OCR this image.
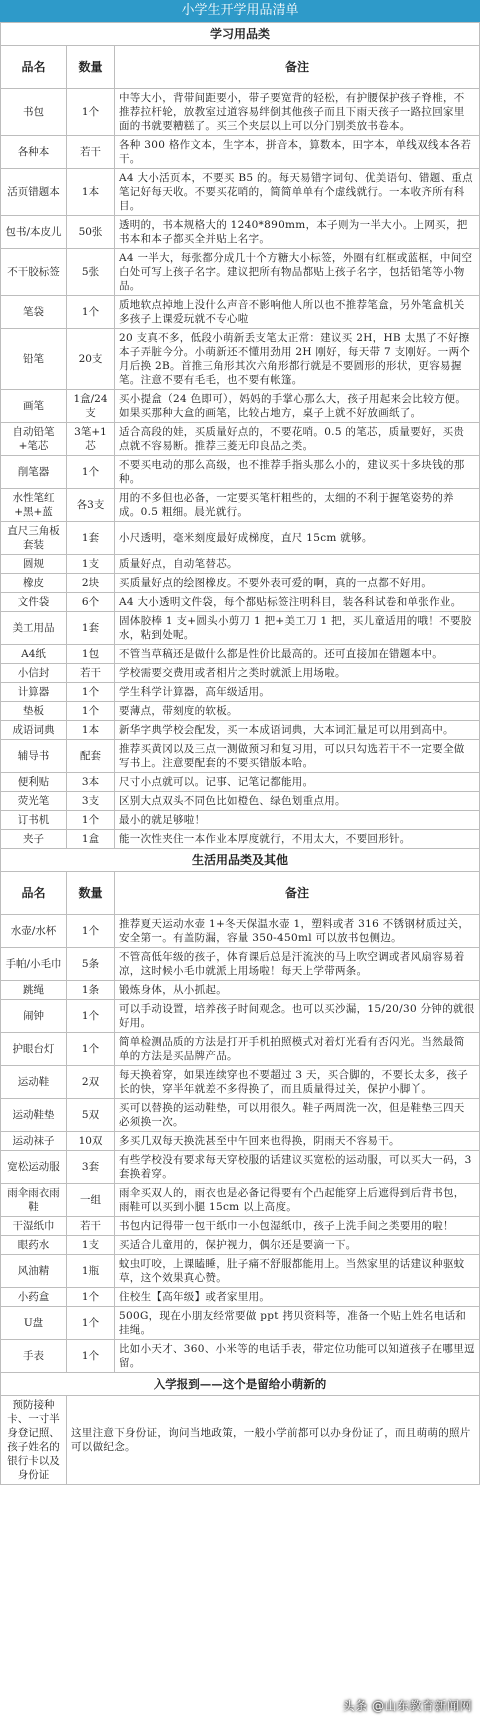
小学生开学用品清单
学习用品类		
品名	数量	备注
书包	1个	中等大小，背带间距要小，带子要宽背的轻松，有护腰保护孩子脊椎，不推荐拉杆轮，放教室过道容易绊倒其他孩子而且下雨天孩子一路拉回家里面的书就要糟糕了。买三个夹层以上可以分门别类放书卷本。
各种本	若干	各种 300 格作文本，生字本，拼音本，算数本，田字本，单线双线本各若干。
活页错题本	1本	A4 大小活页本，不要买 B5 的。每天易错字词句、优美语句、错题、重点笔记好每天收。不要买花哨的，简简单单有个虚线就行。一本收齐所有科目。
包书/本皮儿	50张	透明的，书本规格大的 1240*890mm，本子则为一半大小。上网买，把书本和本子都买全并贴上名字。
不干胶标签	5张	A4 一半大，每张都分成几十个方糖大小标签，外圈有红框或蓝框，中间空白处可写上孩子名字。建议把所有物品都贴上孩子名字，包括铅笔等小物品。
笔袋	1个	质地软点掉地上没什么声音不影响他人所以也不推荐笔盒，另外笔盒机关多孩子上课爱玩就不专心啦
铅笔	20支	20 支真不多，低段小萌新丢支笔太正常：建议买 2H，HB 太黑了不好擦本子弄脏今分。小萌新还不懂用劲用 2H 刚好，每天带 7 支刚好。一两个月后换 2B。首推三角形其次六角形都行就是不要圆形的形状，更容易握笔。注意不要有毛毛，也不要有帐篷。
画笔	1盒/24支	买小提盒（24 色即可），妈妈的手掌心那么大，孩子用起来会比较方便。如果买那种大盒的画笔，比较占地方，桌子上就不好放画纸了。
自动铅笔+笔芯	3笔+1芯	适合高段的娃，买质量好点的，不要花哨。0.5 的笔芯，质量要好，买贵点就不容易断。推荐三菱无印良品之类。
削笔器	1个	不要买电动的那么高级，也不推荐手指头那么小的，建议买十多块钱的那种。
水性笔红+黑+蓝	各3支	用的不多但也必备，一定要买笔杆粗些的，太细的不利于握笔姿势的养成。0.5 粗细。晨光就行。
直尺三角板套装	1套	小尺透明，毫米刻度最好成梯度，直尺 15cm 就够。
圆规	1支	质量好点，自动笔替芯。
橡皮	2块	买质量好点的绘图橡皮。不要外表可爱的啊，真的一点都不好用。
文件袋	6个	A4 大小透明文件袋，每个都贴标签注明科目，装各科试卷和单张作业。
美工用品	1套	固体胶棒 1 支+圆头小剪刀 1 把+美工刀 1 把，买儿童适用的哦！不要胶水，粘到处呢。
A4纸	1包	不管当草稿还是做什么都是性价比最高的。还可直接加在错题本中。
小信封	若干	学校需要交费用或者相片之类时就派上用场啦。
计算器	1个	学生科学计算器，高年级适用。
垫板	1个	要薄点，带刻度的软板。
成语词典	1本	新华字典学校会配发，买一本成语词典，大本词汇量足可以用到高中。
辅导书	配套	推荐买黄冈以及三点一测做预习和复习用，可以只勾选若干不一定要全做写书上。注意要配套的不要买错版本哈。
便利贴	3本	尺寸小点就可以。记事、记笔记都能用。
荧光笔	3支	区别大点双头不同色比如橙色、绿色划重点用。
订书机	1个	最小的就足够啦！
夹子	1盒	能一次性夹住一本作业本厚度就行，不用太大，不要回形针。
生活用品类及其他		
品名	数量	备注
水壶/水杯	1个	推荐夏天运动水壶 1+冬天保温水壶 1，塑料或者 316 不锈钢材质过关，安全第一。有盖防漏，容量 350-450ml 可以放书包侧边。
手帕/小毛巾	5条	不管高低年级的孩子，体育课后总是汗流浃的马上吹空调或者风扇容易着凉，这时候小毛巾就派上用场啦！每天上学带两条。
跳绳	1条	锻炼身体，从小抓起。
闹钟	1个	可以手动设置，培养孩子时间观念。也可以买沙漏，15/20/30 分钟的就很好用。
护眼台灯	1个	简单检测品质的方法是打开手机拍照模式对着灯光看有否闪光。当然最简单的方法是买品牌产品。
运动鞋	2双	每天换着穿，如果连续穿也不要超过 3 天，买合脚的，不要长太多，孩子长的快，穿半年就差不多得换了，而且质量得过关，保护小脚丫。
运动鞋垫	5双	买可以替换的运动鞋垫，可以用很久。鞋子两周洗一次，但是鞋垫三四天必须换一次。
运动袜子	10双	多买几双每天换洗甚至中午回来也得换，阴雨天不容易干。
宽松运动服	3套	有些学校没有要求每天穿校服的话建议买宽松的运动服，可以买大一码，3 套换着穿。
雨伞雨衣雨鞋	一组	雨伞买双人的，雨衣也是必备记得要有个凸起能穿上后遮得到后背书包，雨鞋可以买到小腿 15cm 以上高度。
干湿纸巾	若干	书包内记得带一包干纸巾一小包湿纸巾，孩子上洗手间之类要用的啦！
眼药水	1支	买适合儿童用的，保护视力，偶尔还是要滴一下。
风油精	1瓶	蚊虫叮咬，上课瞌睡，肚子痛不舒服都能用上。当然家里的话建议种驱蚊草，这个效果真心赞。
小药盒	1个	住校生【高年级】或者家里用。
U盘	1个	500G，现在小朋友经常要做 ppt 拷贝资料等，准备一个贴上姓名电话和挂绳。
手表	1个	比如小天才、360、小米等的电话手表，带定位功能可以知道孩子在哪里逗留。
入学报到——这个是留给小萌新的		
预防接种卡、一寸半身登记照、孩子姓名的银行卡以及身份证	这里注意下身份证，询问当地政策，一般小学前都可以办身份证了，而且萌萌的照片可以做纪念。	
头条 @山东教育新闻网
